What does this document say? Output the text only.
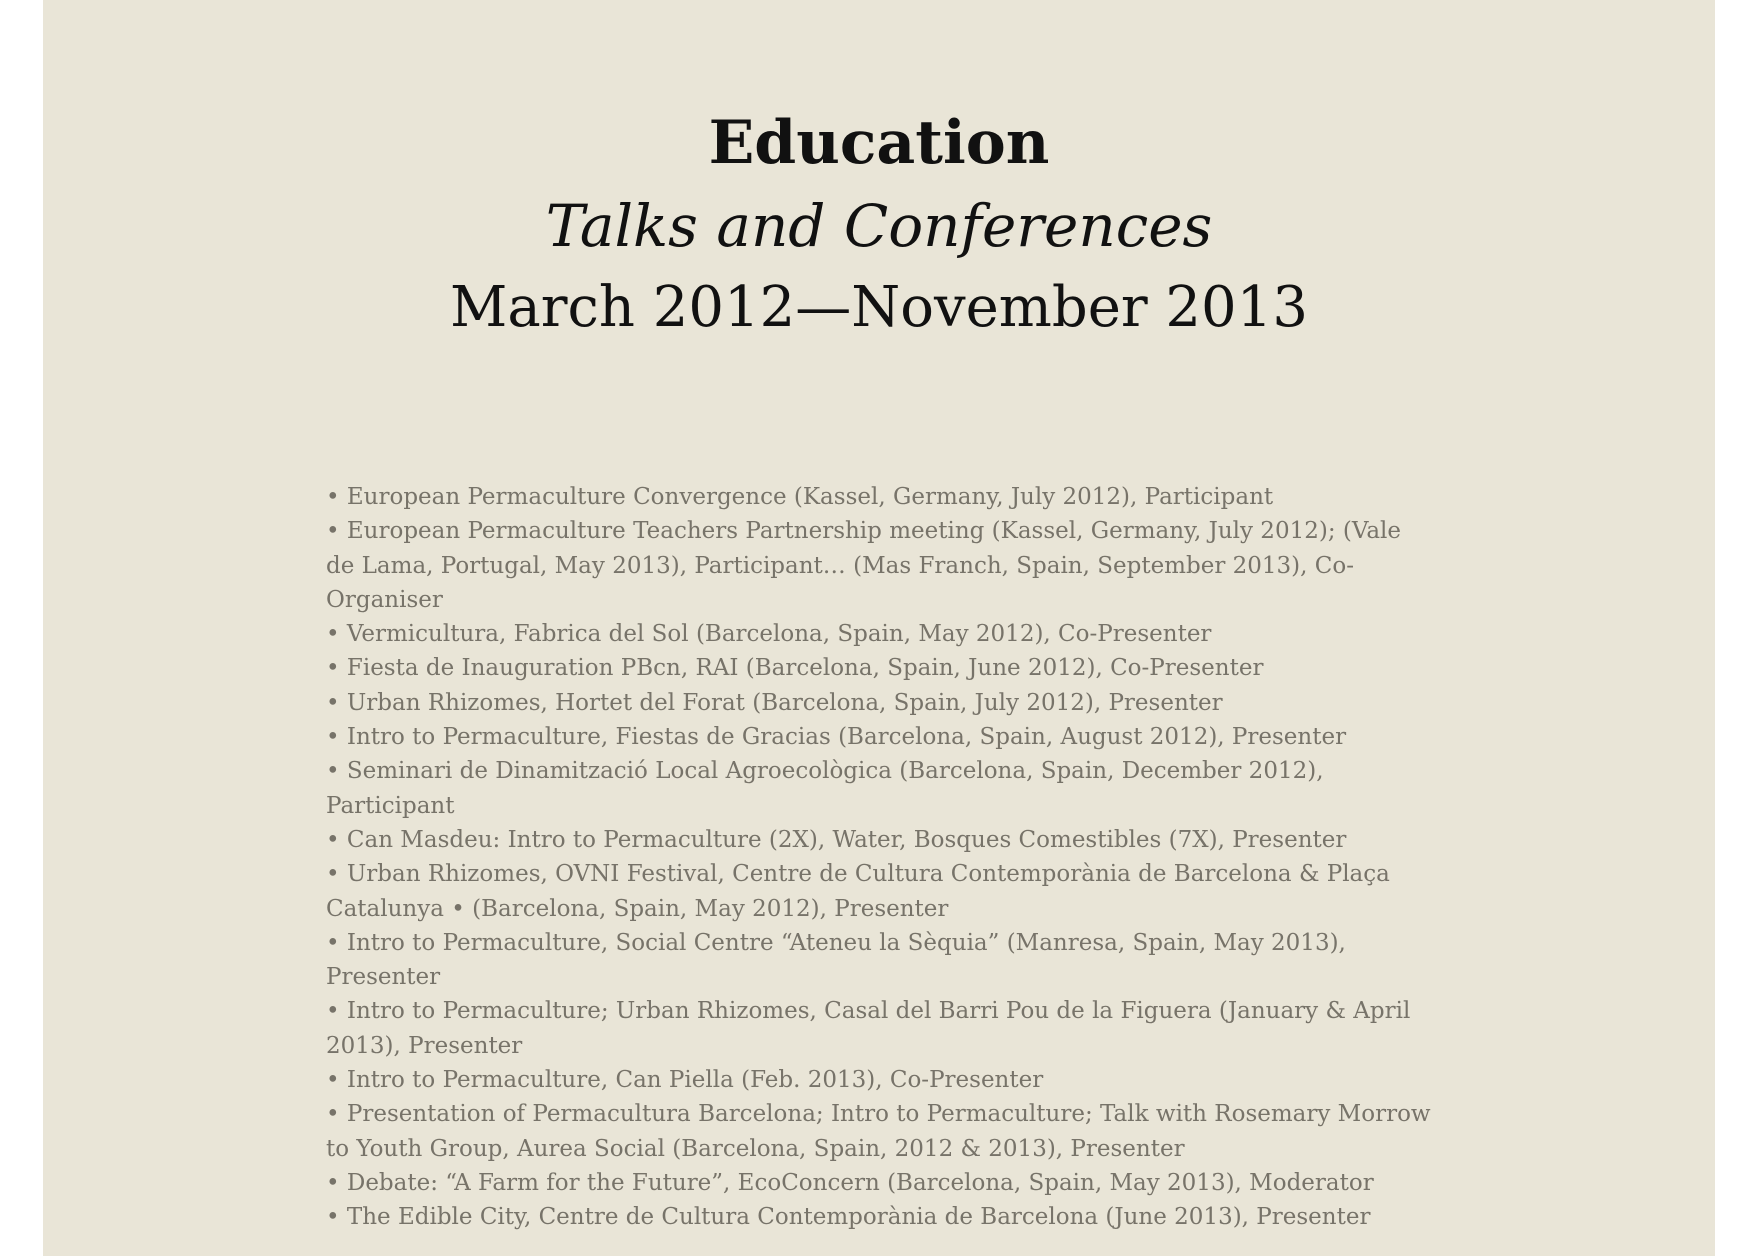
Education
Talks and Conferences
March 2012—November 2013

• European Permaculture Convergence (Kassel, Germany, July 2012), Participant

• European Permaculture Teachers Partnership meeting (Kassel, Germany, July 2012); (Vale de Lama, Portugal, May 2013), Participant… (Mas Franch, Spain, September 2013), Co-Organiser

• Vermicultura, Fabrica del Sol (Barcelona, Spain, May 2012), Co-Presenter

• Fiesta de Inauguration PBcn, RAI (Barcelona, Spain, June 2012), Co-Presenter

• Urban Rhizomes, Hortet del Forat (Barcelona, Spain, July 2012), Presenter

• Intro to Permaculture, Fiestas de Gracias (Barcelona, Spain, August 2012), Presenter

• Seminari de Dinamització Local Agroecològica (Barcelona, Spain, December 2012), Participant

• Can Masdeu: Intro to Permaculture (2X), Water, Bosques Comestibles (7X), Presenter

• Urban Rhizomes, OVNI Festival, Centre de Cultura Contemporània de Barcelona & Plaça Catalunya • (Barcelona, Spain, May 2012), Presenter

• Intro to Permaculture, Social Centre “Ateneu la Sèquia” (Manresa, Spain, May 2013), Presenter

• Intro to Permaculture; Urban Rhizomes, Casal del Barri Pou de la Figuera (January & April 2013), Presenter

• Intro to Permaculture, Can Piella (Feb. 2013), Co-Presenter

• Presentation of Permacultura Barcelona; Intro to Permaculture; Talk with Rosemary Morrow to Youth Group, Aurea Social (Barcelona, Spain, 2012 & 2013), Presenter

• Debate: “A Farm for the Future”, EcoConcern (Barcelona, Spain, May 2013), Moderator

• The Edible City, Centre de Cultura Contemporània de Barcelona (June 2013), Presenter
